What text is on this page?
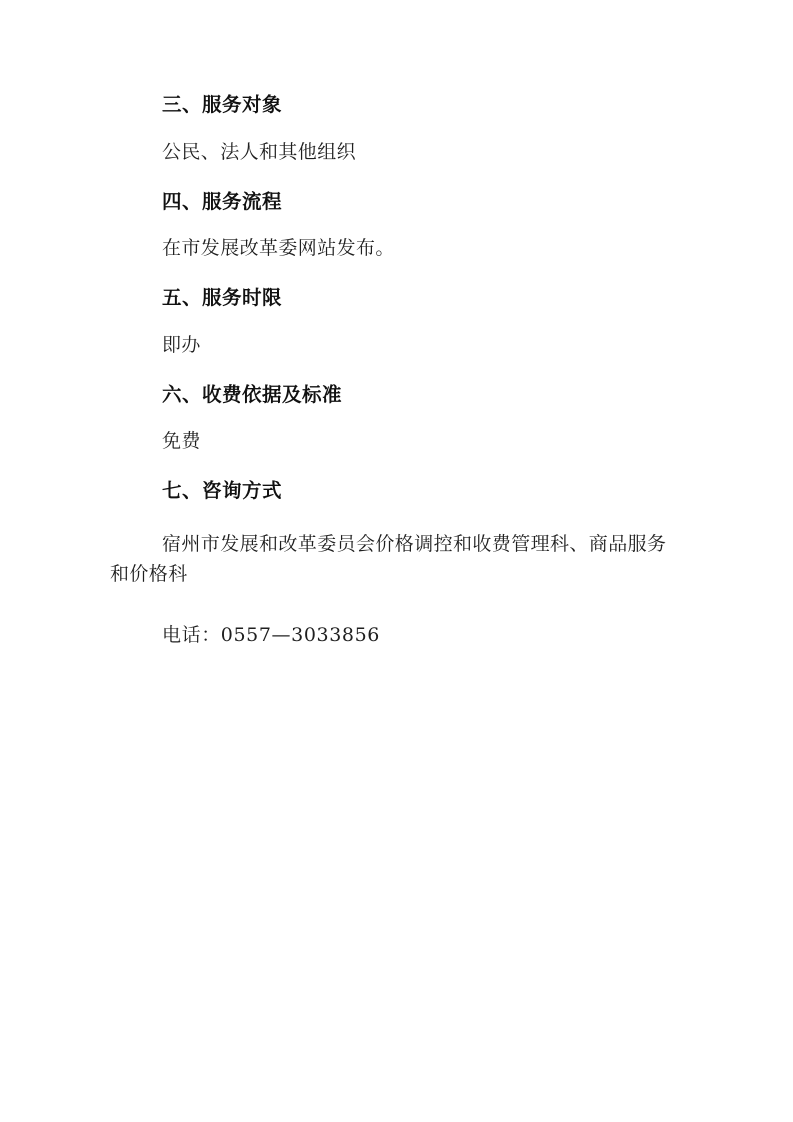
三、服务对象
公民、法人和其他组织
四、服务流程
在市发展改革委网站发布。
五、服务时限
即办
六、收费依据及标准
免费
七、咨询方式
宿州市发展和改革委员会价格调控和收费管理科、商品服务和价格科
电话：0557—3033856
